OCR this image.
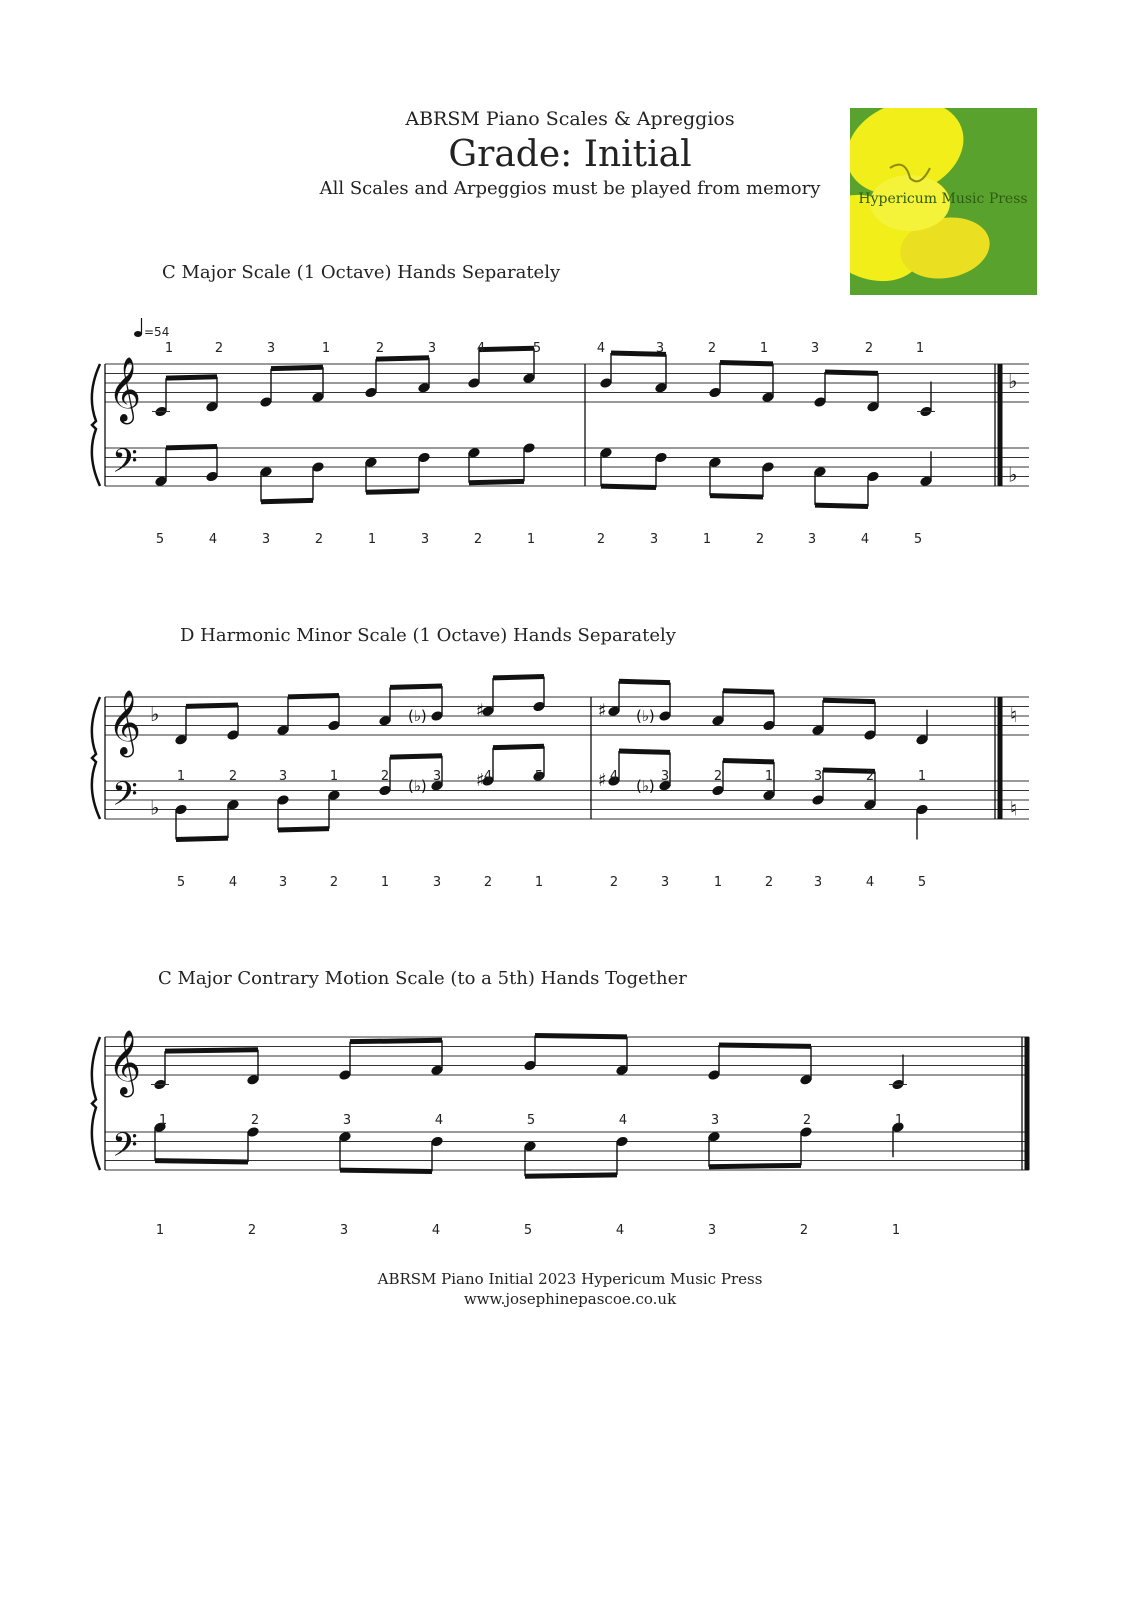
ABRSM Piano Scales & Apreggios
Grade: Initial
All Scales and Arpeggios must be played from memory	Hypericum Music Press
C Major Scale (1 Octave) Hands Separately
D Harmonic Minor Scale (1 Octave) Hands Separately
C Major Contrary Motion Scale (to a 5th) Hands Together
𝄞
𝄢
♭
♭
=54
1	2	3	1	2	3	4	5	4	3	2	1	3	2	1
5	4	3	2	1	3	2	1	2	3	1	2	3	4	5
𝄞
𝄢
♭
♭
(♭)	♯	♯ (♭)
(♭)	♯	♯ (♭)
♮
♮
1	2	3	1	2	3	4	5	4	3	2	1	3	2	1
5	4	3	2	1	3	2	1	2	3	1	2	3	4	5
𝄞
𝄢
1	2	3	4	5	4	3	2	1
1	2	3	4	5	4	3	2	1
ABRSM Piano Initial 2023 Hypericum Music Press
www.josephinepascoe.co.uk
